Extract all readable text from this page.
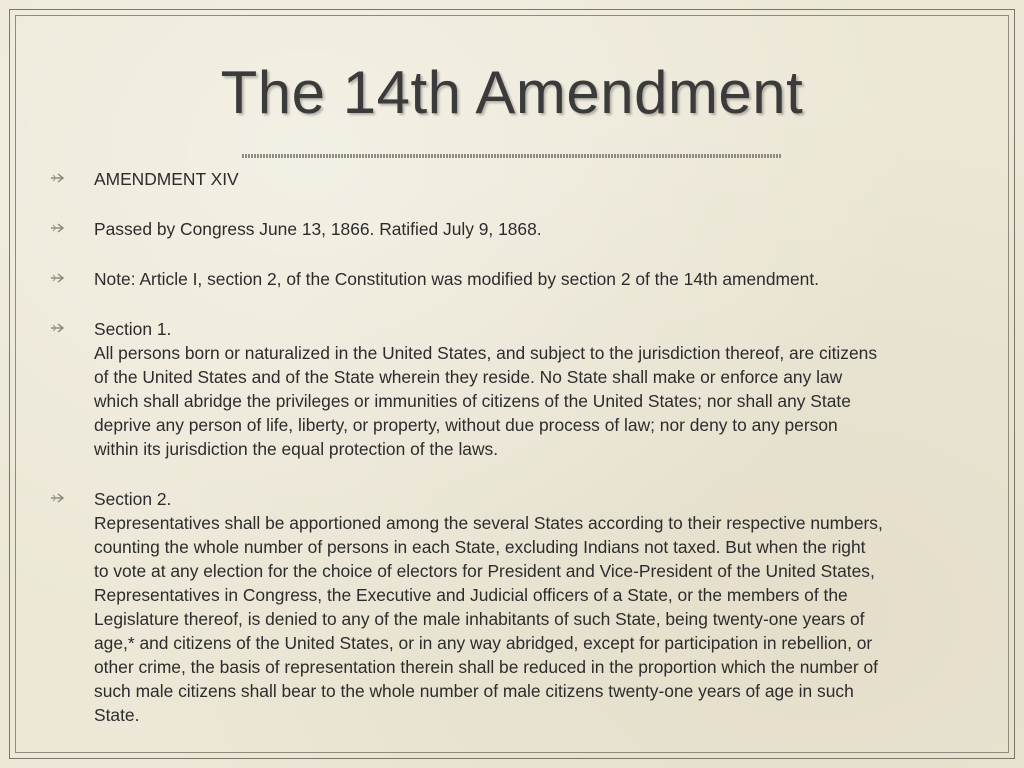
The 14th Amendment
AMENDMENT XIV
Passed by Congress June 13, 1866. Ratified July 9, 1868.
Note: Article I, section 2, of the Constitution was modified by section 2 of the 14th amendment.
Section 1.
All persons born or naturalized in the United States, and subject to the jurisdiction thereof, are citizens
of the United States and of the State wherein they reside. No State shall make or enforce any law
which shall abridge the privileges or immunities of citizens of the United States; nor shall any State
deprive any person of life, liberty, or property, without due process of law; nor deny to any person
within its jurisdiction the equal protection of the laws.
Section 2.
Representatives shall be apportioned among the several States according to their respective numbers,
counting the whole number of persons in each State, excluding Indians not taxed. But when the right
to vote at any election for the choice of electors for President and Vice-President of the United States,
Representatives in Congress, the Executive and Judicial officers of a State, or the members of the
Legislature thereof, is denied to any of the male inhabitants of such State, being twenty-one years of
age,* and citizens of the United States, or in any way abridged, except for participation in rebellion, or
other crime, the basis of representation therein shall be reduced in the proportion which the number of
such male citizens shall bear to the whole number of male citizens twenty-one years of age in such
State.
